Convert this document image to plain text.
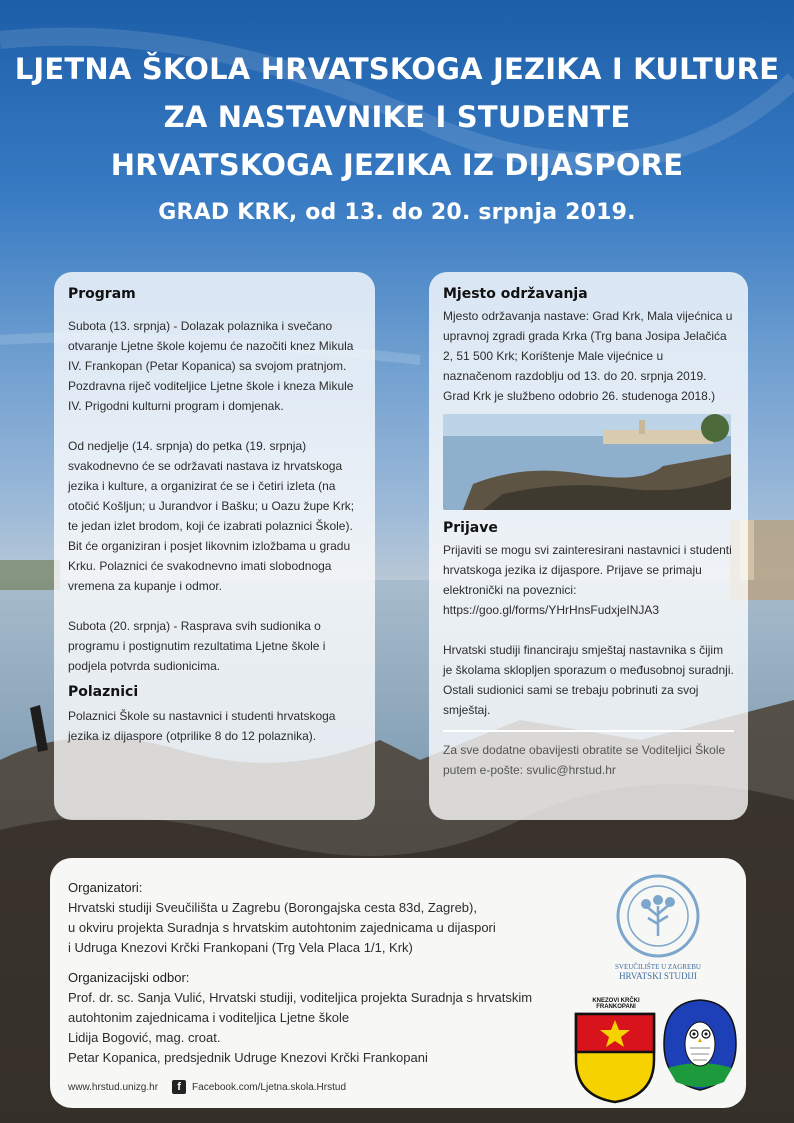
LJETNA ŠKOLA HRVATSKOGA JEZIKA I KULTURE
ZA NASTAVNIKE I STUDENTE
HRVATSKOGA JEZIKA IZ DIJASPORE
GRAD KRK, od 13. do 20. srpnja 2019.
Program
Subota (13. srpnja) - Dolazak polaznika i svečano otvaranje Ljetne škole kojemu će nazočiti knez Mikula IV. Frankopan (Petar Kopanica) sa svojom pratnjom. Pozdravna riječ voditeljice Ljetne škole i kneza Mikule IV. Prigodni kulturni program i domjenak.
Od nedjelje (14. srpnja) do petka (19. srpnja) svakodnevno će se održavati nastava iz hrvatskoga jezika i kulture, a organizirat će se i četiri izleta (na otočić Košljun; u Jurandvor i Bašku; u Oazu župe Krk; te jedan izlet brodom, koji će izabrati polaznici Škole). Bit će organiziran i posjet likovnim izložbama u gradu Krku. Polaznici će svakodnevno imati slobodnoga vremena za kupanje i odmor.
Subota (20. srpnja) - Rasprava svih sudionika o programu i postignutim rezultatima Ljetne škole i podjela potvrda sudionicima.
Polaznici
Polaznici Škole su nastavnici i studenti hrvatskoga jezika iz dijaspore (otprilike 8 do 12 polaznika).
Mjesto održavanja
Mjesto održavanja nastave: Grad Krk, Mala vijećnica u upravnoj zgradi grada Krka (Trg bana Josipa Jelačića 2, 51 500 Krk; Korištenje Male vijećnice u naznačenom razdoblju od 13. do 20. srpnja 2019. Grad Krk je službeno odobrio 26. studenoga 2018.)
Prijave
Prijaviti se mogu svi zainteresirani nastavnici i studenti hrvatskoga jezika iz dijaspore. Prijave se primaju elektronički na poveznici:
https://goo.gl/forms/YHrHnsFudxjeINJA3
Hrvatski studiji financiraju smještaj nastavnika s čijim je školama sklopljen sporazum o međusobnoj suradnji. Ostali sudionici sami se trebaju pobrinuti za svoj smještaj.
Za sve dodatne obavijesti obratite se Voditeljici Škole putem e-pošte: svulic@hrstud.hr
Organizatori:
Hrvatski studiji Sveučilišta u Zagrebu (Borongajska cesta 83d, Zagreb),
u okviru projekta Suradnja s hrvatskim autohtonim zajednicama u dijaspori
i Udruga Knezovi Krčki Frankopani (Trg Vela Placa 1/1, Krk)
Organizacijski odbor:
Prof. dr. sc. Sanja Vulić, Hrvatski studiji, voditeljica projekta Suradnja s hrvatskim autohtonim zajednicama i voditeljica Ljetne škole
Lidija Bogović, mag. croat.
Petar Kopanica, predsjednik Udruge Knezovi Krčki Frankopani
SVEUČILIŠTE U ZAGREBU
HRVATSKI STUDIJI
KNEZOVI KRČKI FRANKOPANI
www.hrstud.unizg.hr	f	Facebook.com/Ljetna.skola.Hrstud
